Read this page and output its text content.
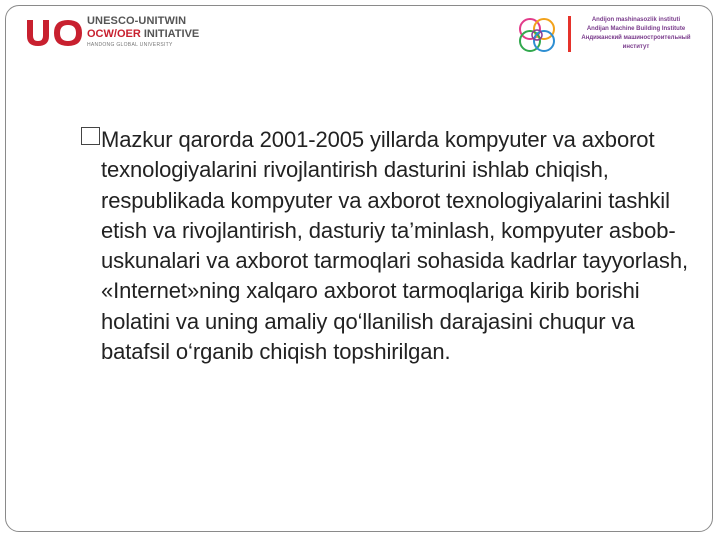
UNESCO-UNITWIN
OCW/OER INITIATIVE
HANDONG GLOBAL UNIVERSITY
Andijon mashinasozlik instituti
Andijan Machine Building Institute
Андижанский машиностроительный
институт
Mazkur qarorda 2001-2005 yillarda kompyuter va axborot texnologiyalarini rivojlantirish dasturini ishlab chiqish, respublikada kompyuter va axborot texnologiyalarini tashkil etish va rivojlantirish, dasturiy ta’minlash, kompyuter asbob-uskunalari va axborot tarmoqlari sohasida kadrlar tayyorlash, «Internet»ning xalqaro axborot tarmoqlariga kirib borishi holatini va uning amaliy qo‘llanilish darajasini chuqur va batafsil o‘rganib chiqish topshirilgan.
